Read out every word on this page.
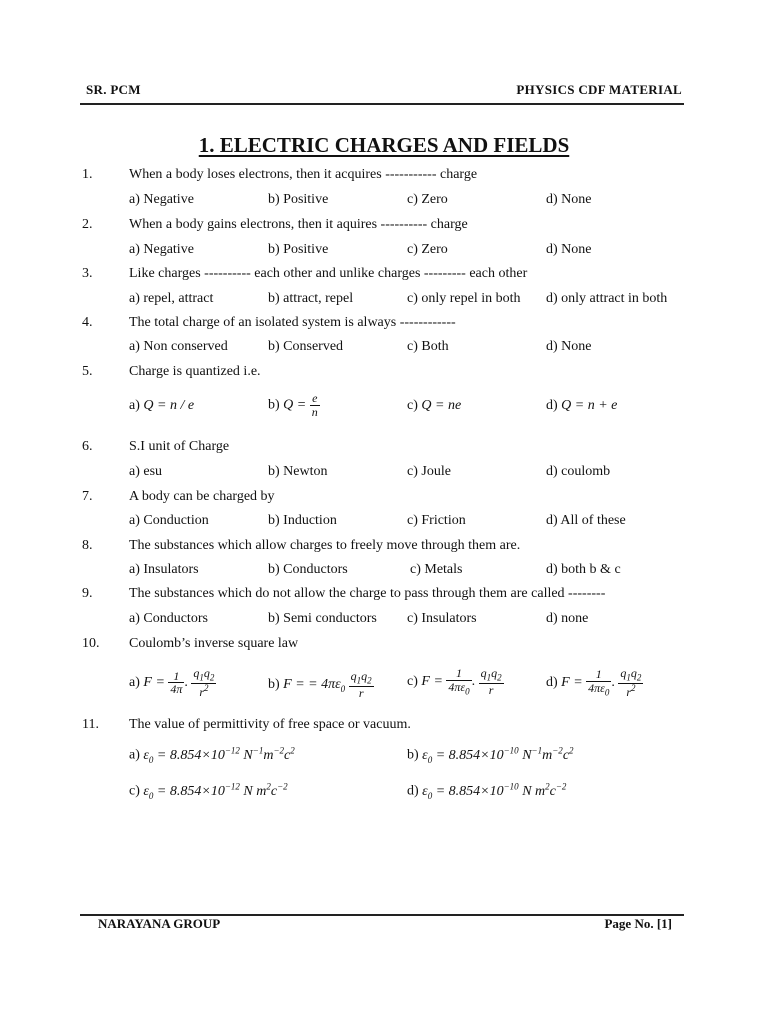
SR. PCM	PHYSICS CDF MATERIAL
1. ELECTRIC CHARGES AND FIELDS
1.	When a body loses electrons, then it acquires ----------- charge
a) Negative	b) Positive	c) Zero	d) None
2.	When a body gains electrons, then it aquires ---------- charge
a) Negative	b) Positive	c) Zero	d) None
3.	Like charges ---------- each other and unlike charges --------- each other
a) repel, attract	b) attract, repel	c) only repel in both d) only attract in both
4.	The total charge of an isolated system is always ------------
a) Non conserved	b) Conserved	c) Both	d) None
5.	Charge is quantized i.e.
a) Q = n / e	b) $Q = \frac{e}{n}$	c) Q = ne	d) Q = n + e
6.	S.I unit of Charge
a) esu	b) Newton	c) Joule	d) coulomb
7.	A body can be charged by
a) Conduction	b) Induction	c) Friction	d) All of these
8.	The substances which allow charges to freely move through them are.
a) Insulators	b) Conductors	c) Metals	d) both b & c
9.	The substances which do not allow the charge to pass through them are called --------
a) Conductors	b) Semi conductors c) Insulators	d) none
10. Coulomb’s inverse square law
a) $F = \frac{1}{4\pi}$ . $\frac{q_1q_2}{r^2}$	b) F = = $4\pi\varepsilon_0 \frac{q_1q_2}{r} c$) $F = \frac{1}{4\pi\varepsilon_0}$ . $\frac{q_1q_2}{r}$	d) $F = \frac{1}{4\pi\varepsilon_0}$ . $\frac{q_1q_2}{r^2}$
11. The value of permittivity of free space or vacuum.
a) $\varepsilon_0 = 8.854\times 10^{-12}$ $N^{-1}m^{-2}c^2$	b) $\varepsilon_0 = 8.854\times 10^{-10}$ $N^{-1}m^{-2}c^2$
c) $\varepsilon_0 = 8.854\times 10^{-12}$ N $m^2c^{-2}$	d) $\varepsilon_0 = 8.854\times 10^{-10}$ N $m^2c^{-2}$
NARAYANA GROUP	Page No. [1]
